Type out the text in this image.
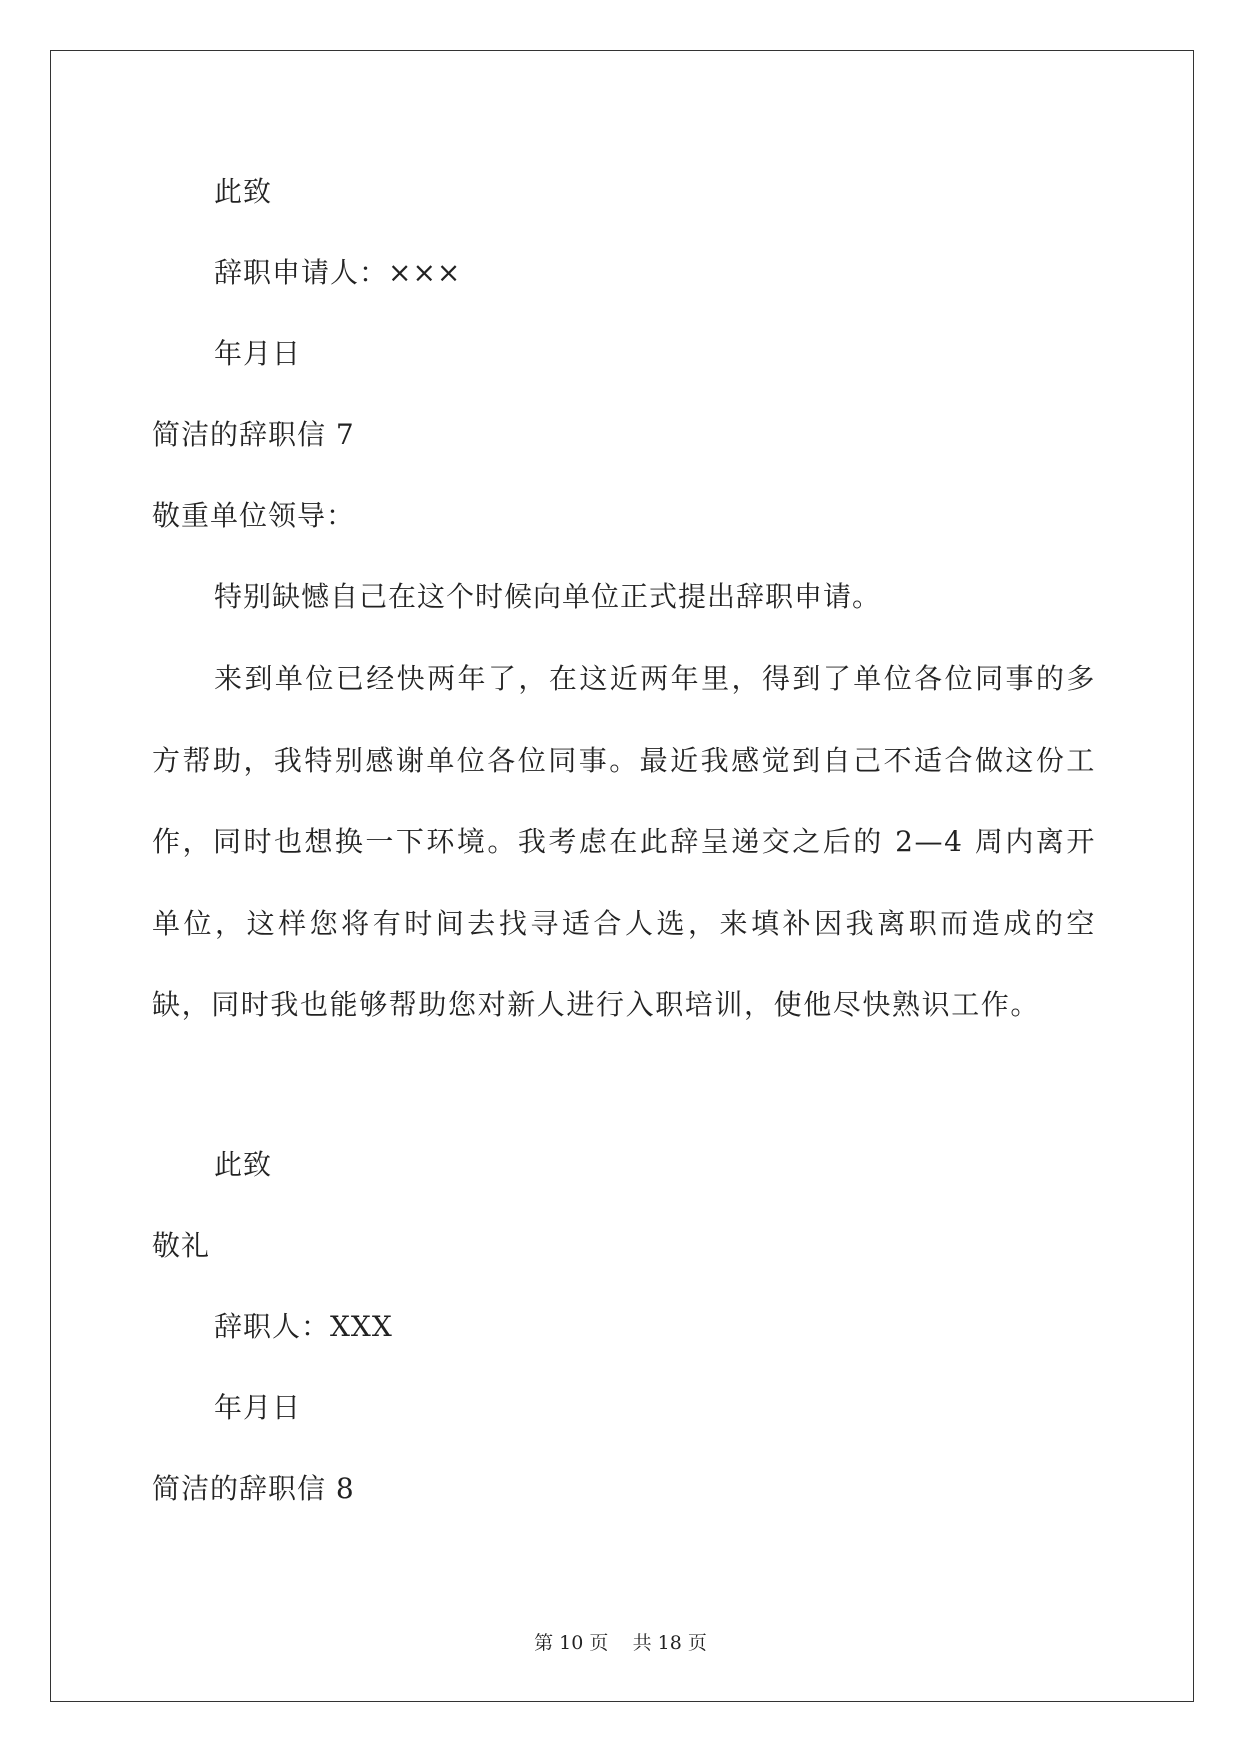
此致
辞职申请人：×××
年月日
简洁的辞职信 7
敬重单位领导：
特别缺憾自己在这个时候向单位正式提出辞职申请。
来到单位已经快两年了，在这近两年里，得到了单位各位同事的多方帮助，我特别感谢单位各位同事。最近我感觉到自己不适合做这份工作，同时也想换一下环境。我考虑在此辞呈递交之后的 2—4 周内离开单位，这样您将有时间去找寻适合人选，来填补因我离职而造成的空缺，同时我也能够帮助您对新人进行入职培训，使他尽快熟识工作。
此致
敬礼
辞职人：XXX
年月日
简洁的辞职信 8
第 10 页 共 18 页
